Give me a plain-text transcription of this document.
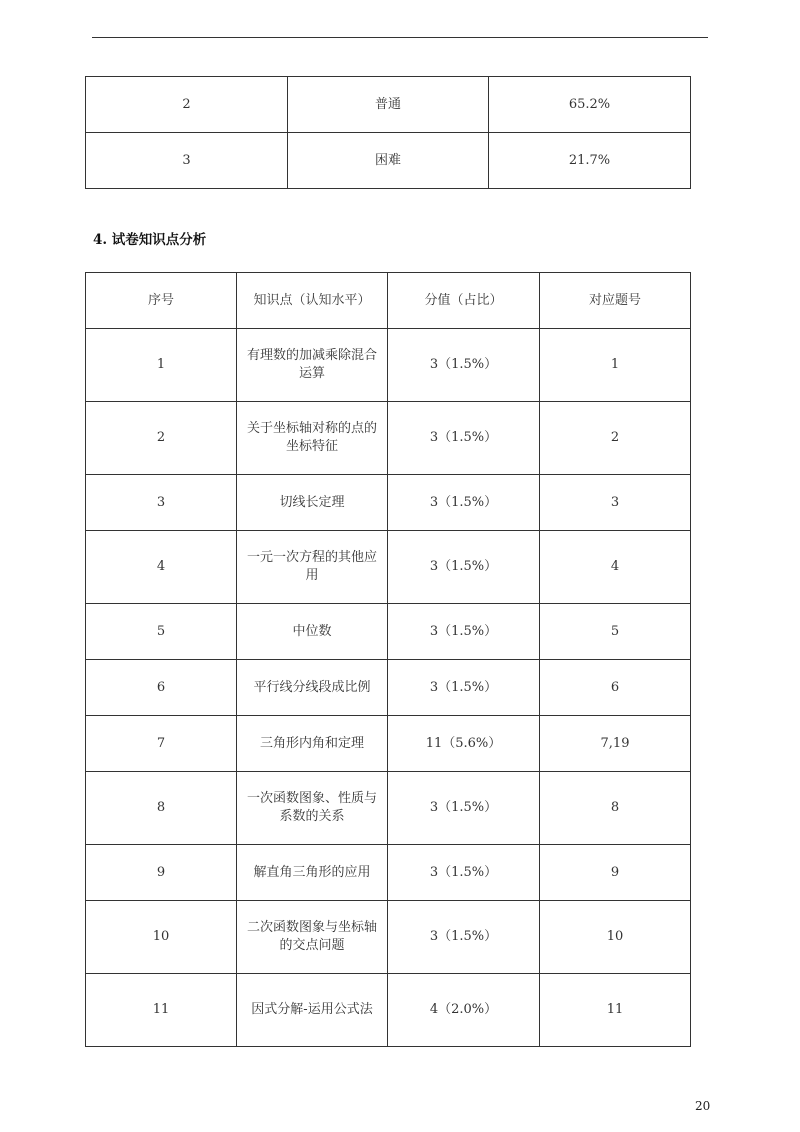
2	普通	65.2%
3	困难	21.7%
4. 试卷知识点分析
序号	知识点（认知水平）	分值（占比）	对应题号
1	有理数的加减乘除混合运算	3（1.5%）	1
2	关于坐标轴对称的点的坐标特征	3（1.5%）	2
3	切线长定理	3（1.5%）	3
4	一元一次方程的其他应用	3（1.5%）	4
5	中位数	3（1.5%）	5
6	平行线分线段成比例	3（1.5%）	6
7	三角形内角和定理	11（5.6%）	7,19
8	一次函数图象、性质与系数的关系	3（1.5%）	8
9	解直角三角形的应用	3（1.5%）	9
10	二次函数图象与坐标轴的交点问题	3（1.5%）	10
11	因式分解-运用公式法	4（2.0%）	11
20
